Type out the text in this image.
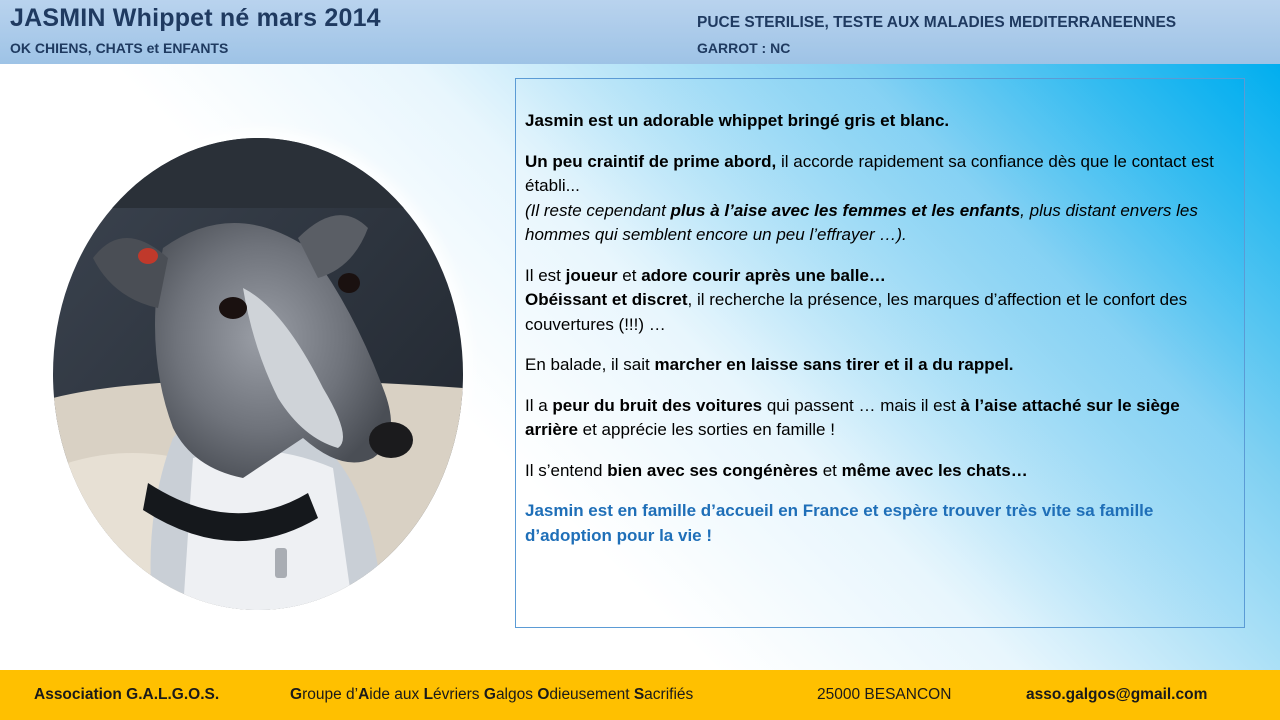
JASMIN Whippet né mars 2014
OK CHIENS, CHATS et ENFANTS
PUCE STERILISE, TESTE AUX MALADIES MEDITERRANEENNES
GARROT : NC

Jasmin est un adorable whippet bringé gris et blanc.

Un peu craintif de prime abord, il accorde rapidement sa confiance dès que le contact est établi...
(Il reste cependant plus à l’aise avec les femmes et les enfants, plus distant envers les hommes qui semblent encore un peu l’effrayer …).

Il est joueur et adore courir après une balle…
Obéissant et discret, il recherche la présence, les marques d’affection et le confort des couvertures (!!!) …

En balade, il sait marcher en laisse sans tirer et il a du rappel.

Il a peur du bruit des voitures qui passent … mais il est à l’aise attaché sur le siège arrière et apprécie les sorties en famille !

Il s’entend bien avec ses congénères et même avec les chats…

Jasmin est en famille d’accueil en France et espère trouver très vite sa famille d’adoption pour la vie !

Association G.A.L.G.O.S.	Groupe d’Aide aux Lévriers Galgos Odieusement Sacrifiés	25000 BESANCON	asso.galgos@gmail.com
